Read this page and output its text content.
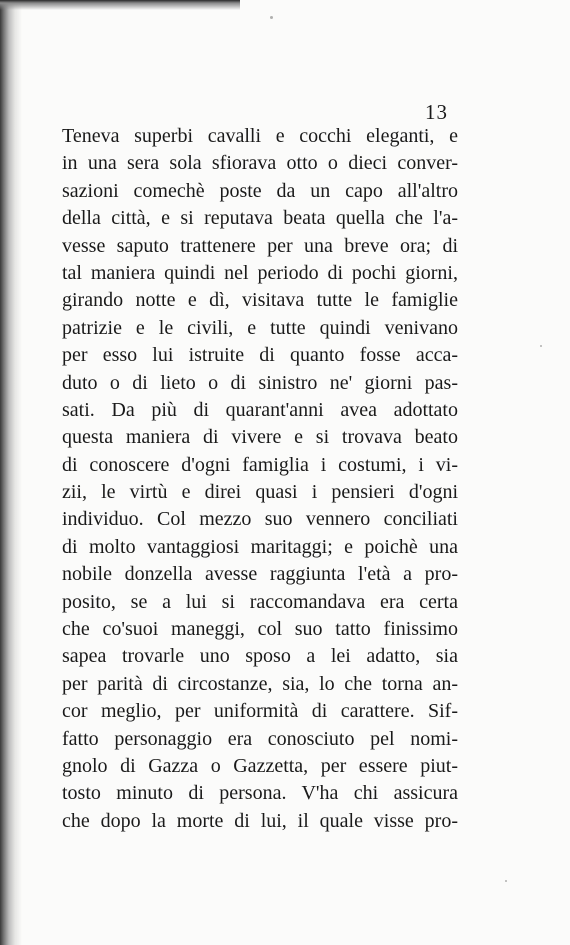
13
Teneva superbi cavalli e cocchi eleganti, e
in una sera sola sfiorava otto o dieci conver-
sazioni comechè poste da un capo all'altro
della città, e si reputava beata quella che l'a-
vesse saputo trattenere per una breve ora; di
tal maniera quindi nel periodo di pochi giorni,
girando notte e dì, visitava tutte le famiglie
patrizie e le civili, e tutte quindi venivano
per esso lui istruite di quanto fosse acca-
duto o di lieto o di sinistro ne' giorni pas-
sati. Da più di quarant'anni avea adottato
questa maniera di vivere e si trovava beato
di conoscere d'ogni famiglia i costumi, i vi-
zii, le virtù e direi quasi i pensieri d'ogni
individuo. Col mezzo suo vennero conciliati
di molto vantaggiosi maritaggi; e poichè una
nobile donzella avesse raggiunta l'età a pro-
posito, se a lui si raccomandava era certa
che co'suoi maneggi, col suo tatto finissimo
sapea trovarle uno sposo a lei adatto, sia
per parità di circostanze, sia, lo che torna an-
cor meglio, per uniformità di carattere. Sif-
fatto personaggio era conosciuto pel nomi-
gnolo di Gazza o Gazzetta, per essere piut-
tosto minuto di persona. V'ha chi assicura
che dopo la morte di lui, il quale visse pro-
